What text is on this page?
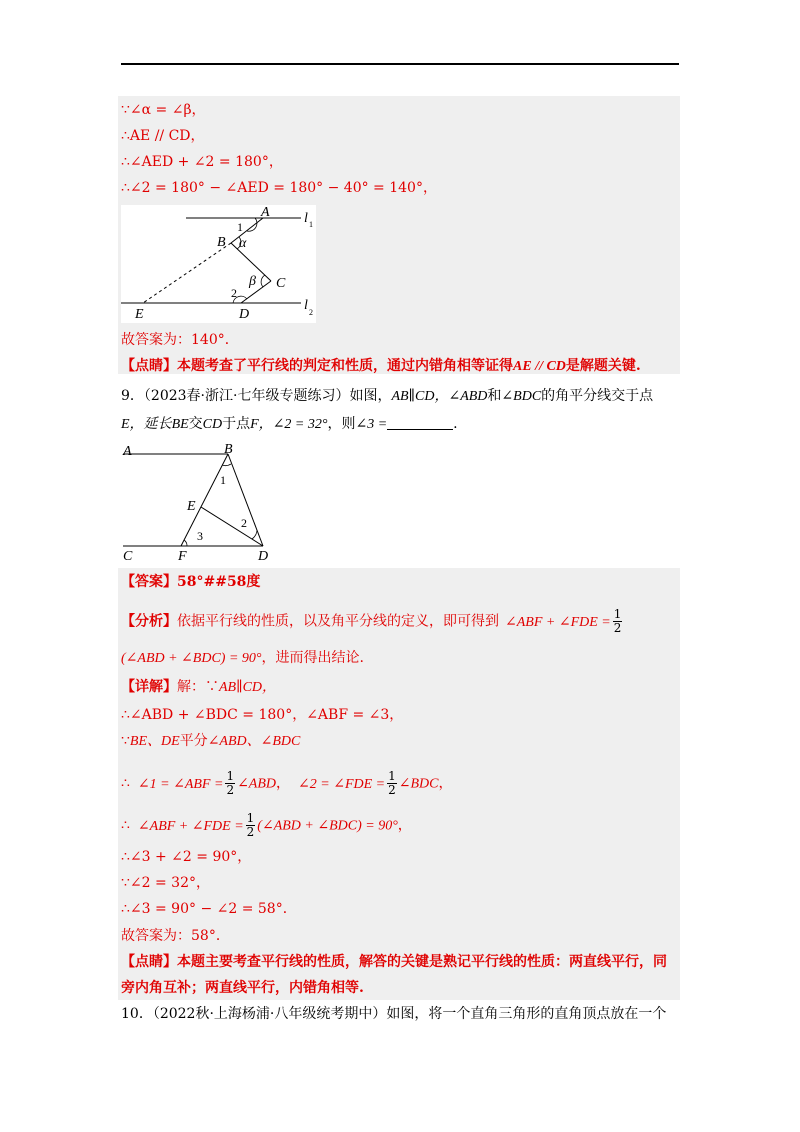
∵∠α = ∠β，
∴AE // CD，
∴∠AED + ∠2 = 180°，
∴∠2 = 180° − ∠AED = 180° − 40° = 140°，
A
B
C
D
E
1
α
β
2
l 1
l 2
故答案为：140°．
【点睛】本题考查了平行线的判定和性质，通过内错角相等证得AE // CD是解题关键.
9．（2023春·浙江·七年级专题练习）如图，AB∥CD，∠ABD和∠BDC的角平分线交于点
E，延长BE交CD于点F，∠2 = 32°，则∠3 =	.
A	B
C	D
E
F
1
2
3
【答案】58°##58度
【分析】依据平行线的性质，以及角平分线的定义，即可得到 ∠ABF + ∠FDE = $\frac{1}{2}$
(∠ABD + ∠BDC) = 90°，进而得出结论.
【详解】解：∵AB∥CD，
∴∠ABD + ∠BDC = 180°，∠ABF = ∠3，
∵BE、DE平分∠ABD、∠BDC
∴ ∠1 = ∠ABF = $\frac{1}{2}$ ∠ABD， ∠2 = ∠FDE = $\frac{1}{2}$ ∠BDC，
∴ ∠ABF + ∠FDE = $\frac{1}{2}$ (∠ABD + ∠BDC) = 90°，
∴∠3 + ∠2 = 90°，
∵∠2 = 32°，
∴∠3 = 90° − ∠2 = 58°．
故答案为：58°．
【点睛】本题主要考查平行线的性质，解答的关键是熟记平行线的性质：两直线平行，同
旁内角互补；两直线平行，内错角相等.
10．（2022秋·上海杨浦·八年级统考期中）如图，将一个直角三角形的直角顶点放在一个
